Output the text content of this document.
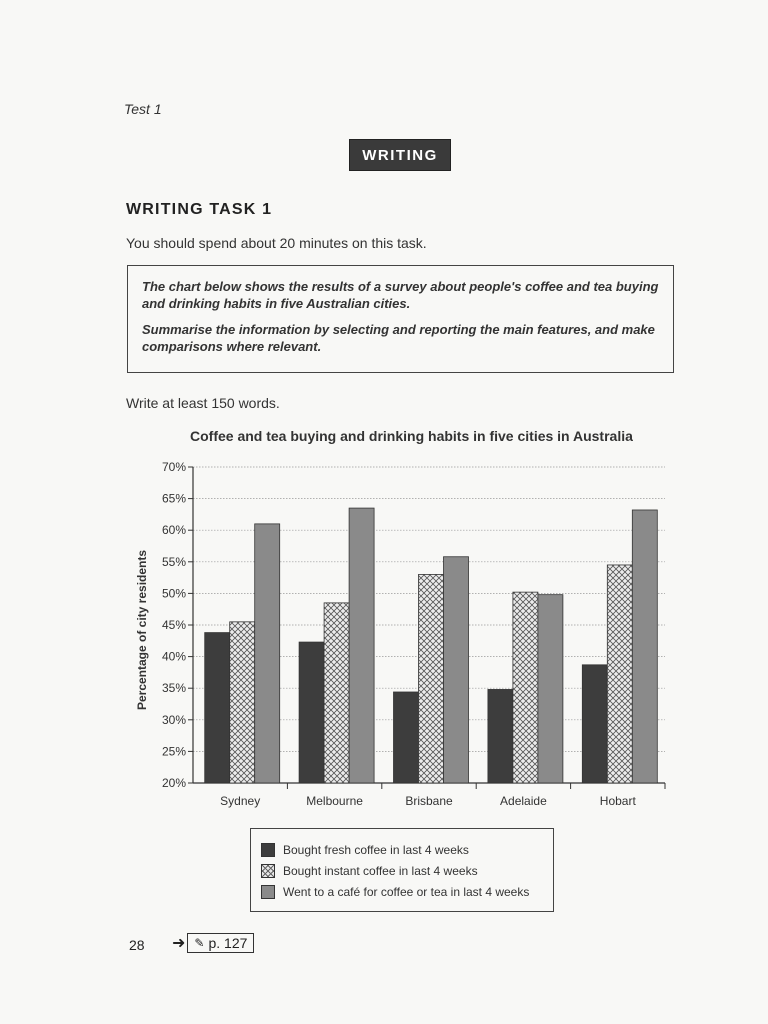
Test 1
WRITING
WRITING TASK 1
You should spend about 20 minutes on this task.

The chart below shows the results of a survey about people's coffee and tea buying and drinking habits in five Australian cities.

Summarise the information by selecting and reporting the main features, and make comparisons where relevant.

Write at least 150 words.
Coffee and tea buying and drinking habits in five cities in Australia
20%
25%
30%
35%
40%
45%
50%
55%
60%
65%
70%
Percentage of city residents
Sydney	Melbourne	Brisbane	Adelaide	Hobart
Bought fresh coffee in last 4 weeks
Bought instant coffee in last 4 weeks
Went to a café for coffee or tea in last 4 weeks
28 ➜ ✎ p. 127
